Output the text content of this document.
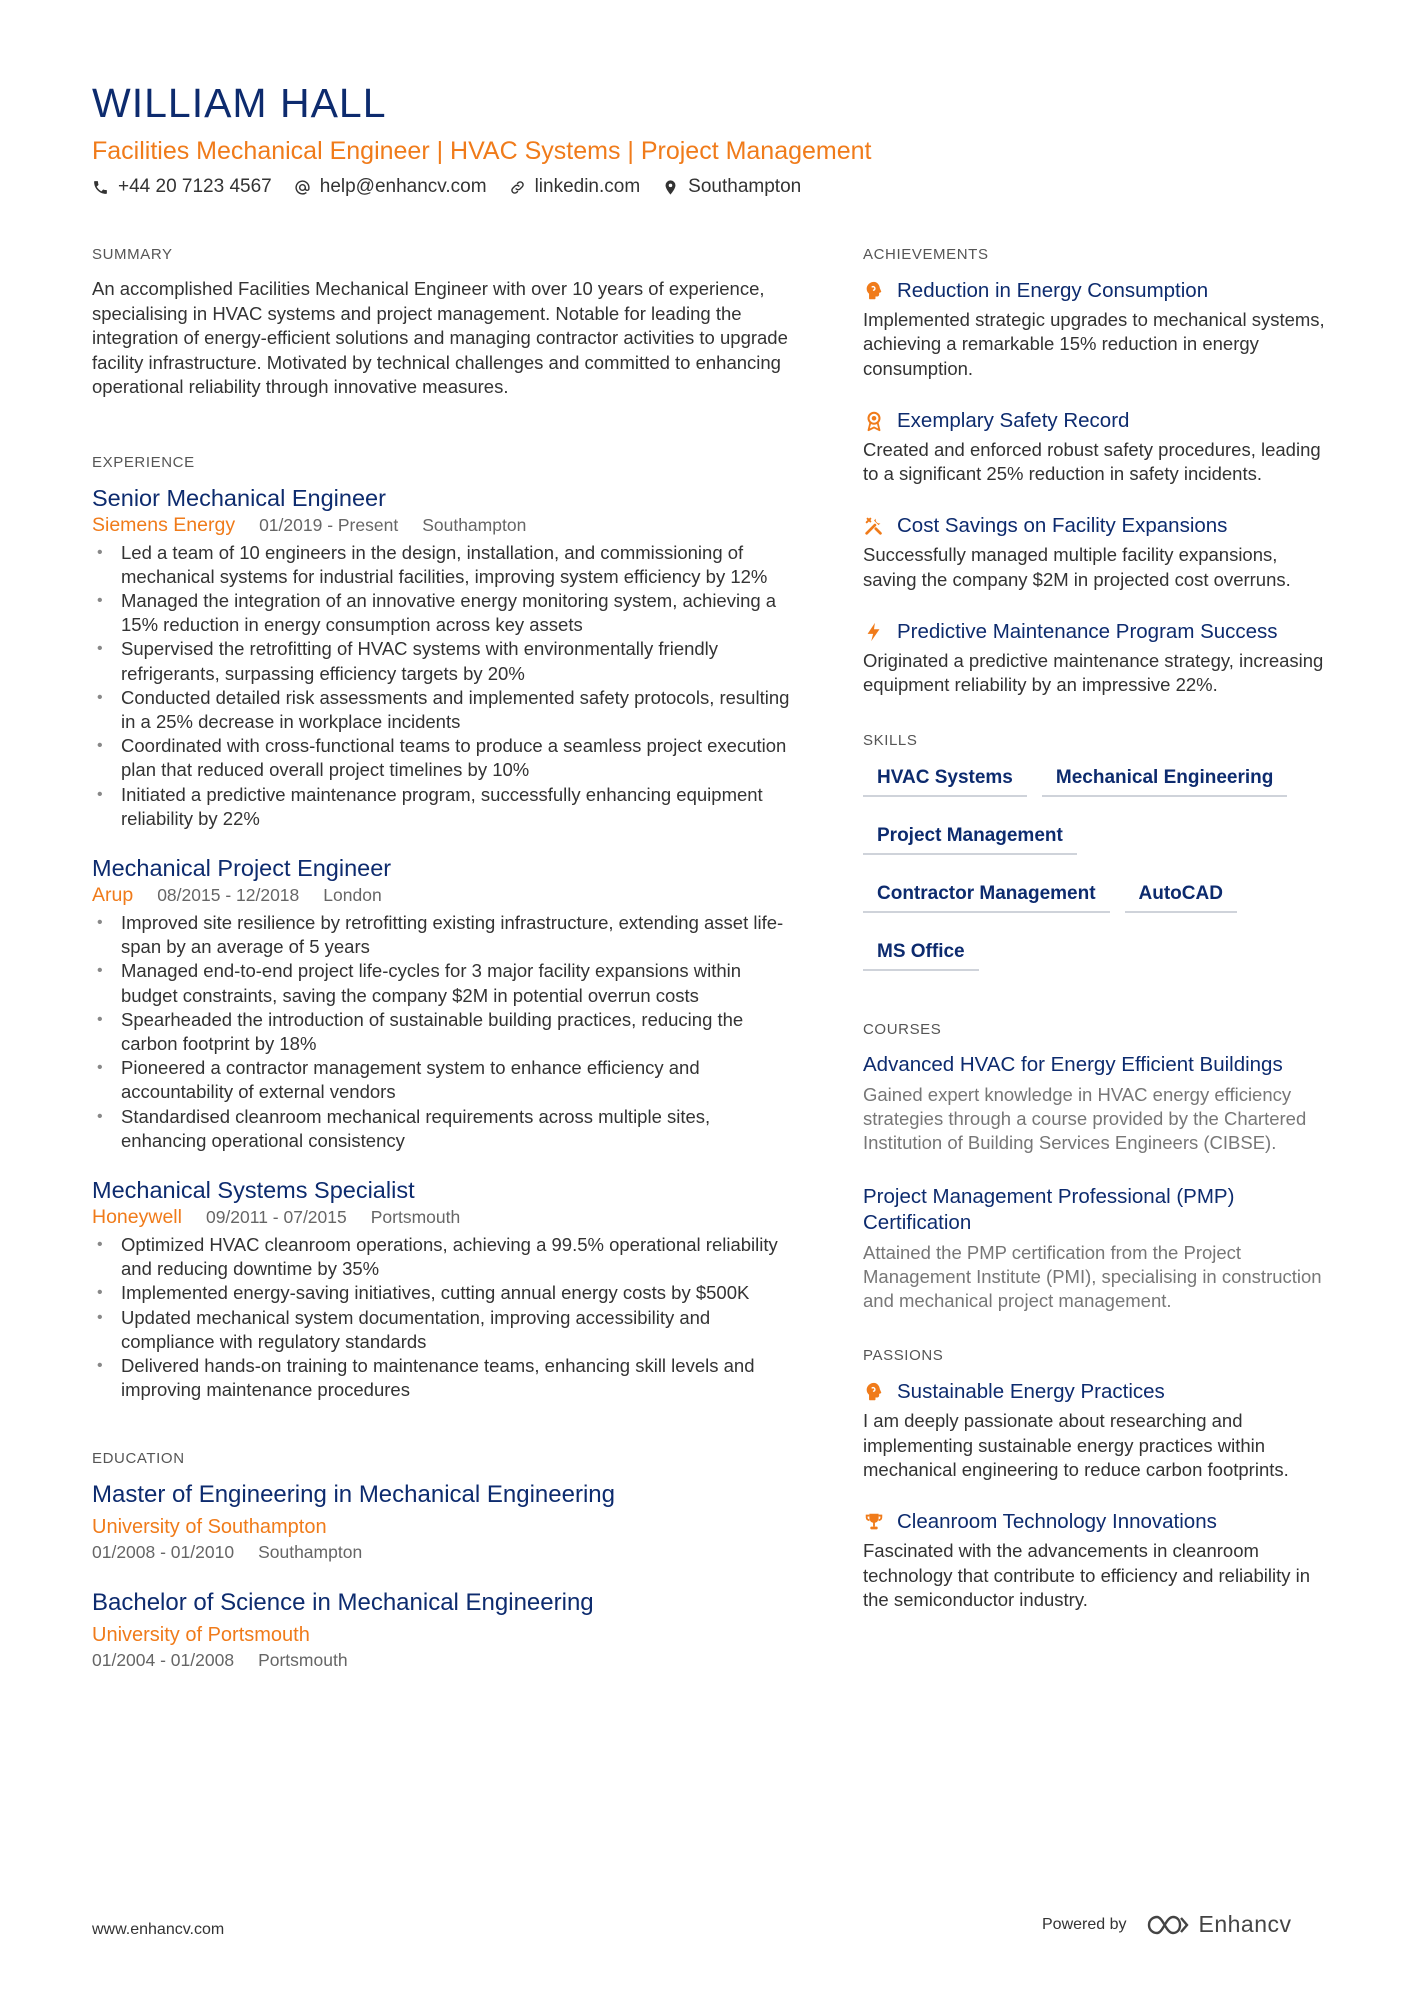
WILLIAM HALL
Facilities Mechanical Engineer | HVAC Systems | Project Management
+44 20 7123 4567	help@enhancv.com	linkedin.com	Southampton
SUMMARY

An accomplished Facilities Mechanical Engineer with over 10 years of experience, specialising in HVAC systems and project management. Notable for leading the integration of energy-efficient solutions and managing contractor activities to upgrade facility infrastructure. Motivated by technical challenges and committed to enhancing operational reliability through innovative measures.

EXPERIENCE
Senior Mechanical Engineer
Siemens Energy 01/2019 - Present Southampton
• Led a team of 10 engineers in the design, installation, and commissioning of mechanical systems for industrial facilities, improving system efficiency by 12%
• Managed the integration of an innovative energy monitoring system, achieving a 15% reduction in energy consumption across key assets
• Supervised the retrofitting of HVAC systems with environmentally friendly refrigerants, surpassing efficiency targets by 20%
• Conducted detailed risk assessments and implemented safety protocols, resulting in a 25% decrease in workplace incidents
• Coordinated with cross-functional teams to produce a seamless project execution plan that reduced overall project timelines by 10%
• Initiated a predictive maintenance program, successfully enhancing equipment reliability by 22%
Mechanical Project Engineer
Arup 08/2015 - 12/2018 London
• Improved site resilience by retrofitting existing infrastructure, extending asset life-span by an average of 5 years
• Managed end-to-end project life-cycles for 3 major facility expansions within budget constraints, saving the company $2M in potential overrun costs
• Spearheaded the introduction of sustainable building practices, reducing the carbon footprint by 18%
• Pioneered a contractor management system to enhance efficiency and accountability of external vendors
• Standardised cleanroom mechanical requirements across multiple sites, enhancing operational consistency
Mechanical Systems Specialist
Honeywell 09/2011 - 07/2015 Portsmouth
• Optimized HVAC cleanroom operations, achieving a 99.5% operational reliability and reducing downtime by 35%
• Implemented energy-saving initiatives, cutting annual energy costs by $500K
• Updated mechanical system documentation, improving accessibility and compliance with regulatory standards
• Delivered hands-on training to maintenance teams, enhancing skill levels and improving maintenance procedures
EDUCATION
Master of Engineering in Mechanical Engineering
University of Southampton
01/2008 - 01/2010 Southampton
Bachelor of Science in Mechanical Engineering
University of Portsmouth
01/2004 - 01/2008 Portsmouth
ACHIEVEMENTS
Reduction in Energy Consumption
Implemented strategic upgrades to mechanical systems, achieving a remarkable 15% reduction in energy consumption.
Exemplary Safety Record
Created and enforced robust safety procedures, leading to a significant 25% reduction in safety incidents.
Cost Savings on Facility Expansions
Successfully managed multiple facility expansions, saving the company $2M in projected cost overruns.
Predictive Maintenance Program Success
Originated a predictive maintenance strategy, increasing equipment reliability by an impressive 22%.
SKILLS
HVAC Systems	Mechanical Engineering
Project Management
Contractor Management	AutoCAD
MS Office
COURSES
Advanced HVAC for Energy Efficient Buildings
Gained expert knowledge in HVAC energy efficiency strategies through a course provided by the Chartered Institution of Building Services Engineers (CIBSE).
Project Management Professional (PMP) Certification
Attained the PMP certification from the Project Management Institute (PMI), specialising in construction and mechanical project management.
PASSIONS
Sustainable Energy Practices
I am deeply passionate about researching and implementing sustainable energy practices within mechanical engineering to reduce carbon footprints.
Cleanroom Technology Innovations
Fascinated with the advancements in cleanroom technology that contribute to efficiency and reliability in the semiconductor industry.
www.enhancv.com	Powered by	Enhancv
